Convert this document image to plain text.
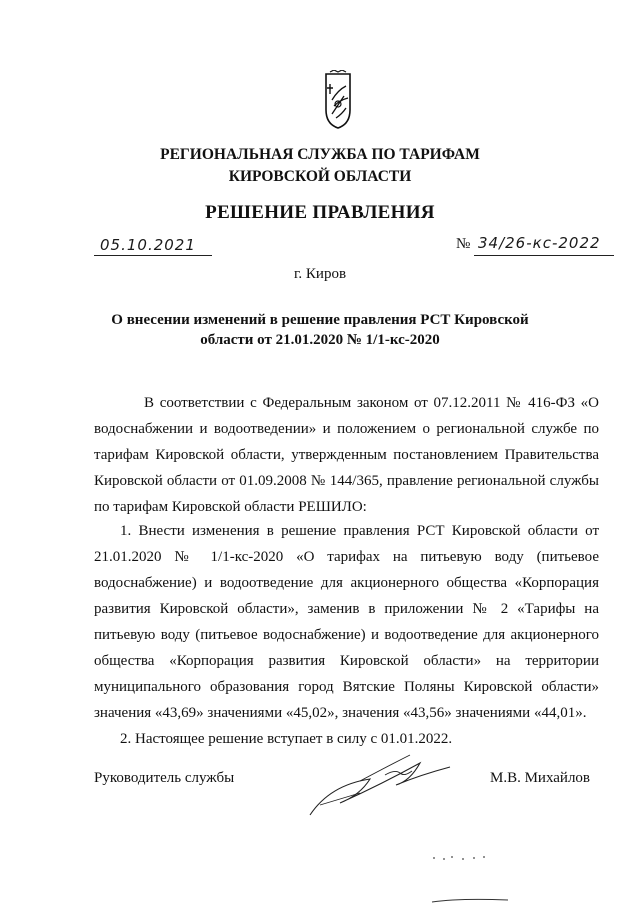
РЕГИОНАЛЬНАЯ СЛУЖБА ПО ТАРИФАМ
КИРОВСКОЙ ОБЛАСТИ
РЕШЕНИЕ ПРАВЛЕНИЯ
05.10.2021	№ 34/26-кс-2022
г. Киров
О внесении изменений в решение правления РСТ Кировской
области от 21.01.2020 № 1/1-кс-2020
В соответствии с Федеральным законом от 07.12.2011 № 416-ФЗ «О водоснабжении и водоотведении» и положением о региональной службе по тарифам Кировской области, утвержденным постановлением Правительства Кировской области от 01.09.2008 № 144/365, правление региональной службы по тарифам Кировской области РЕШИЛО:
1. Внести изменения в решение правления РСТ Кировской области от 21.01.2020 № 1/1-кс-2020 «О тарифах на питьевую воду (питьевое водоснабжение) и водоотведение для акционерного общества «Корпорация развития Кировской области», заменив в приложении № 2 «Тарифы на питьевую воду (питьевое водоснабжение) и водоотведение для акционерного общества «Корпорация развития Кировской области» на территории муниципального образования город Вятские Поляны Кировской области» значения «43,69» значениями «45,02», значения «43,56» значениями «44,01».
2. Настоящее решение вступает в силу с 01.01.2022.
Руководитель службы	М.В. Михайлов
